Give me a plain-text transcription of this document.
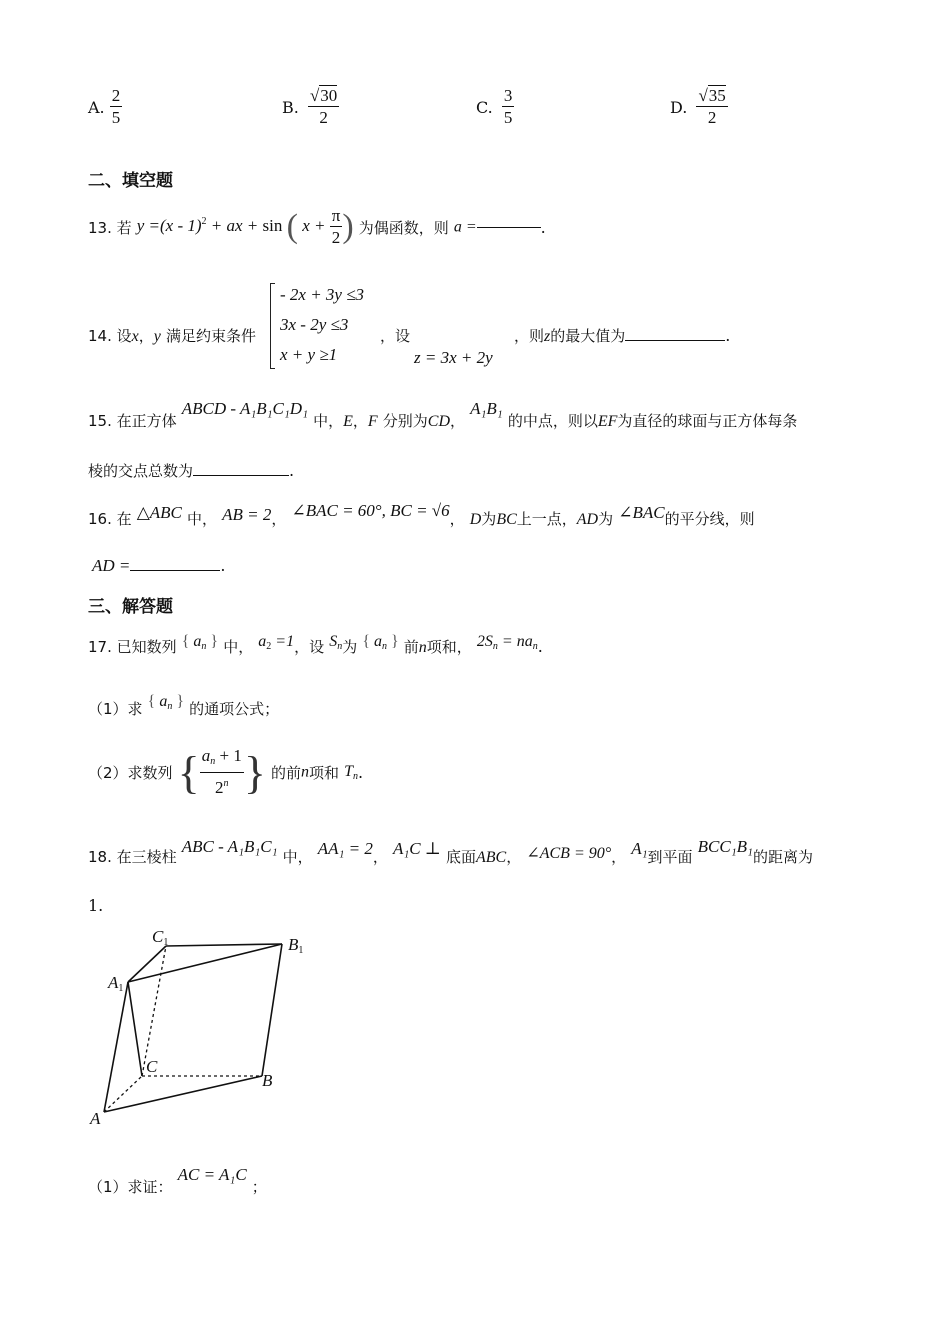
A. $\frac{2}{5}$	B. $\frac{√30}{2}$	C. $\frac{3}{5}$	D. $\frac{√35}{2}$
二、填空题
13. 若 y =(x - 1)$^2$ + ax + sin ( $x + \frac{\pi}{2}$ ) 为偶函数，则 a =	.
14. 设x，y 满足约束条件
- 2x + 3y ≤3
3x - 2y ≤3
x + y ≥1
，设
z = 3x + 2y
，则z的最大值为	.
15. 在正方体 ABCD - A₁B₁C₁D₁ 中，E，F 分别为CD， A₁B₁ 的中点，则以EF为直径的球面与正方体每条
棱的交点总数为	.
16. 在 △ABC 中， AB = 2， ∠BAC = 60°, BC = √6， D为BC上一点，AD为 ∠BAC的平分线，则
AD =	.
三、解答题
17. 已知数列 { $a_n$ } 中， $a_2 =1$，设 $S_n$为 { $a_n$ } 前n项和， $2S_n = na_n$.
（1）求 { $a_n$ } 的通项公式；
（2）求数列 { $\frac{a_n + 1}{2^n}$ } 的前n项和 $T_n$.
18. 在三棱柱 ABC - A₁B₁C₁ 中， AA₁ = 2， A₁C ⊥ 底面ABC， ∠ACB = 90°， A₁到平面 BCC₁B₁的距离为
1.
C1	B1
A1
C
B
A
（1）求证： AC = A₁C ；
